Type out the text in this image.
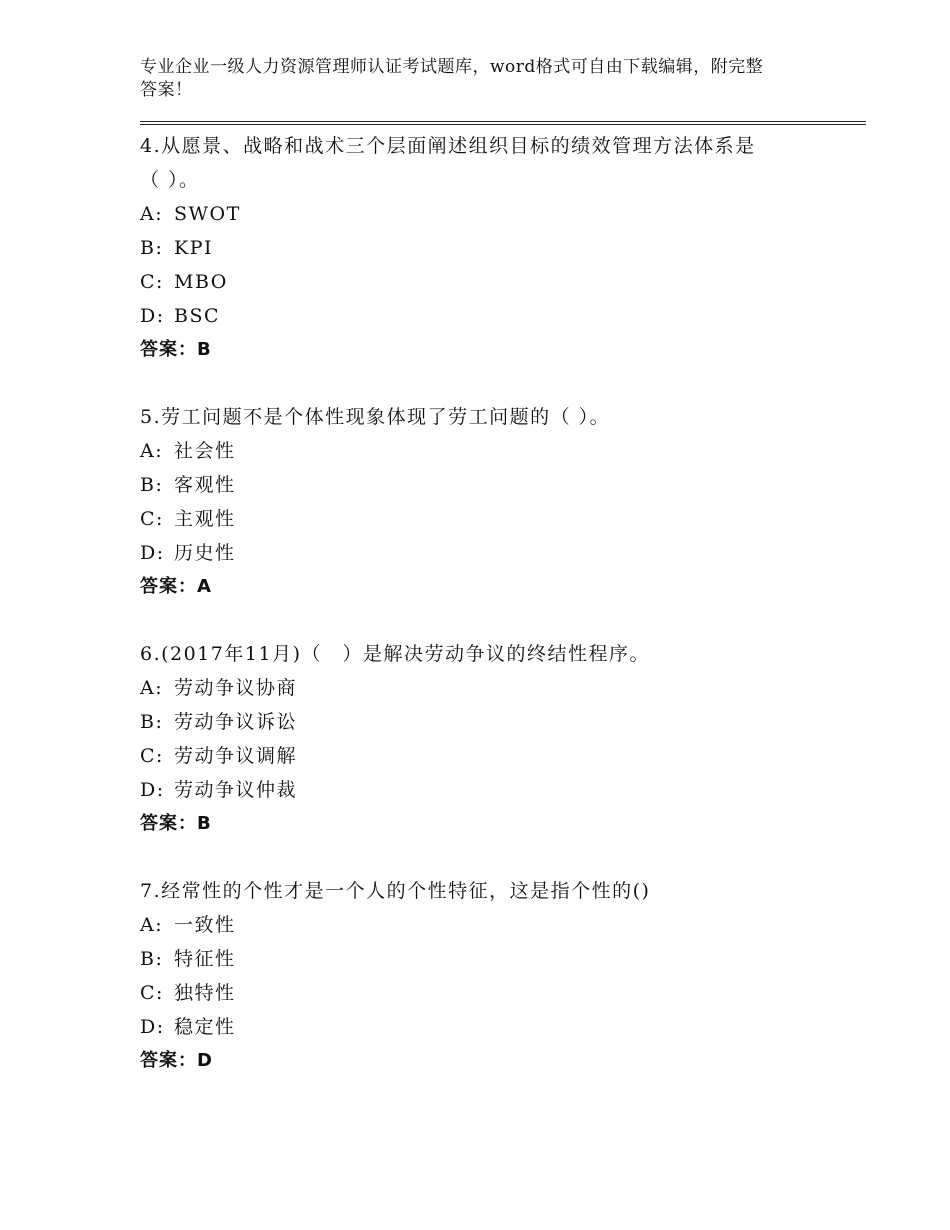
专业企业一级人力资源管理师认证考试题库，word格式可自由下载编辑，附完整
答案！
4.从愿景、战略和战术三个层面阐述组织目标的绩效管理方法体系是
（ ）。
A: SWOT
B: KPI
C: MBO
D: BSC
答案：B
5.劳工问题不是个体性现象体现了劳工问题的（ ）。
A: 社会性
B: 客观性
C: 主观性
D: 历史性
答案：A
6.(2017年11月)（　）是解决劳动争议的终结性程序。
A: 劳动争议协商
B: 劳动争议诉讼
C: 劳动争议调解
D: 劳动争议仲裁
答案：B
7.经常性的个性才是一个人的个性特征，这是指个性的()
A: 一致性
B: 特征性
C: 独特性
D: 稳定性
答案：D
